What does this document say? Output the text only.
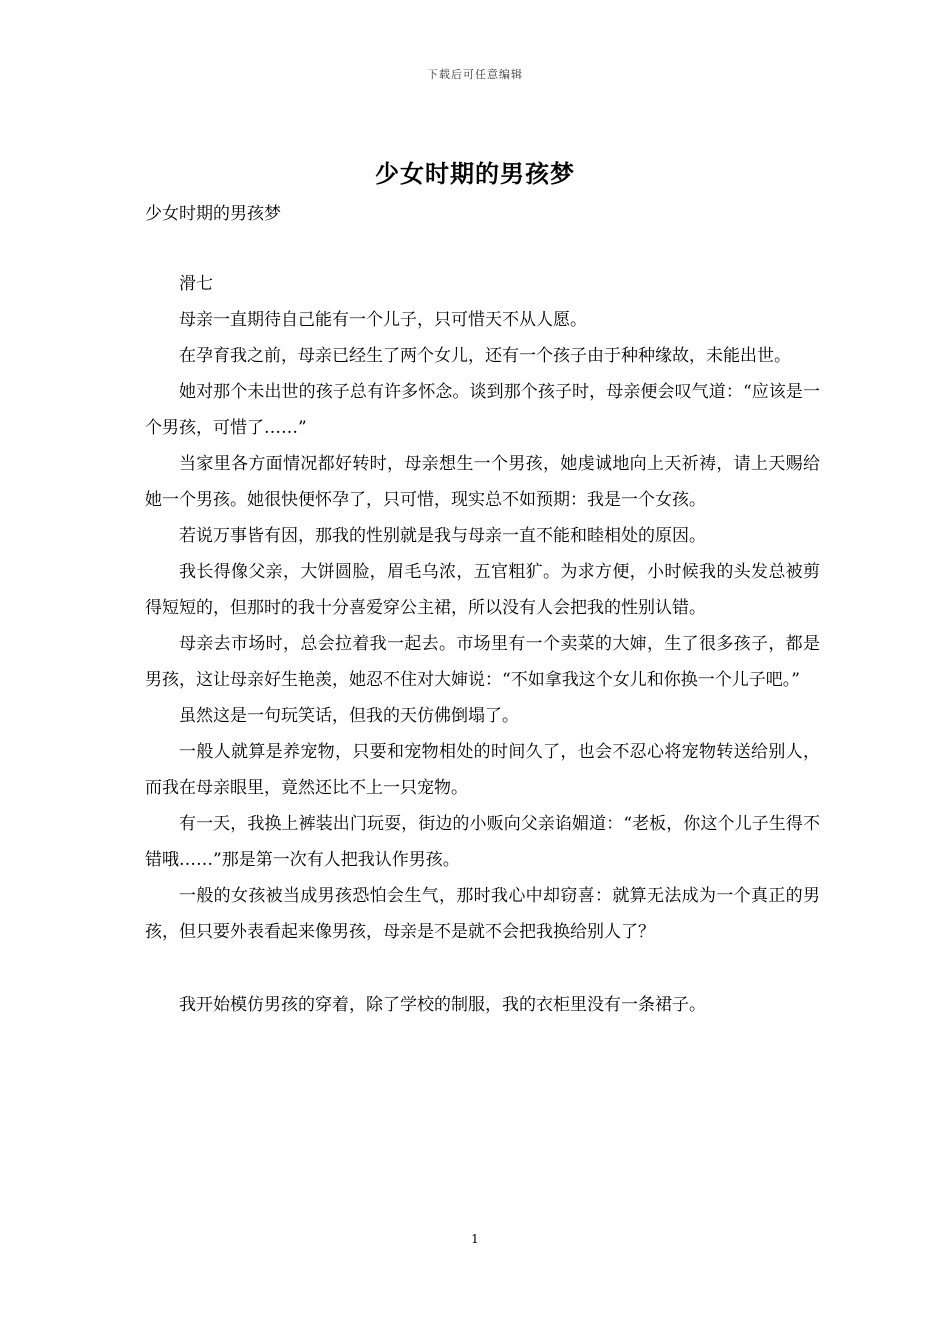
下载后可任意编辑
少女时期的男孩梦

少女时期的男孩梦

滑七

母亲一直期待自己能有一个儿子，只可惜天不从人愿。

在孕育我之前，母亲已经生了两个女儿，还有一个孩子由于种种缘故，未能出世。

她对那个未出世的孩子总有许多怀念。谈到那个孩子时，母亲便会叹气道：“应该是一个男孩，可惜了……”

当家里各方面情况都好转时，母亲想生一个男孩，她虔诚地向上天祈祷，请上天赐给她一个男孩。她很快便怀孕了，只可惜，现实总不如预期：我是一个女孩。

若说万事皆有因，那我的性别就是我与母亲一直不能和睦相处的原因。

我长得像父亲，大饼圆脸，眉毛乌浓，五官粗犷。为求方便，小时候我的头发总被剪得短短的，但那时的我十分喜爱穿公主裙，所以没有人会把我的性别认错。

母亲去市场时，总会拉着我一起去。市场里有一个卖菜的大婶，生了很多孩子，都是男孩，这让母亲好生艳羡，她忍不住对大婶说：“不如拿我这个女儿和你换一个儿子吧。”

虽然这是一句玩笑话，但我的天仿佛倒塌了。

一般人就算是养宠物，只要和宠物相处的时间久了，也会不忍心将宠物转送给别人，而我在母亲眼里，竟然还比不上一只宠物。

有一天，我换上裤装出门玩耍，街边的小贩向父亲谄媚道：“老板，你这个儿子生得不错哦……”那是第一次有人把我认作男孩。

一般的女孩被当成男孩恐怕会生气，那时我心中却窃喜：就算无法成为一个真正的男孩，但只要外表看起来像男孩，母亲是不是就不会把我换给别人了？

我开始模仿男孩的穿着，除了学校的制服，我的衣柜里没有一条裙子。

1
